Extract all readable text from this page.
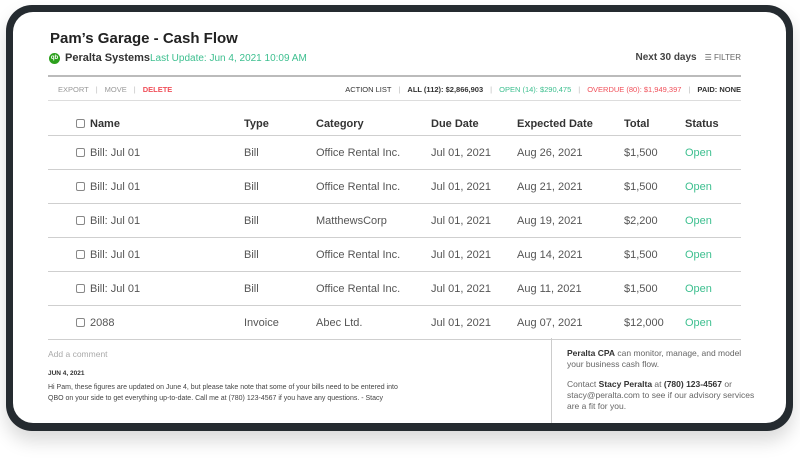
Pam’s Garage - Cash Flow
qb Peralta Systems Last Update: Jun 4, 2021 10:09 AM	Next 30 days ☰ FILTER
EXPORT | MOVE | DELETE	ACTION LIST | ALL (112): $2,866,903 | OPEN (14): $290,475 | OVERDUE (80): $1,949,397 | PAID: NONE
Name	Type	Category	Due Date	Expected Date	Total	Status
Bill: Jul 01	Bill	Office Rental Inc.	Jul 01, 2021 Aug 26, 2021	$1,500 Open
Bill: Jul 01	Bill	Office Rental Inc.	Jul 01, 2021 Aug 21, 2021	$1,500 Open
Bill: Jul 01	Bill	MatthewsCorp	Jul 01, 2021 Aug 19, 2021	$2,200 Open
Bill: Jul 01	Bill	Office Rental Inc.	Jul 01, 2021 Aug 14, 2021	$1,500 Open
Bill: Jul 01	Bill	Office Rental Inc.	Jul 01, 2021 Aug 11, 2021	$1,500 Open
2088	Invoice	Abec Ltd.	Jul 01, 2021 Aug 07, 2021	$12,000 Open
Add a comment
JUN 4, 2021
Hi Pam, these figures are updated on June 4, but please take note that some of your bills need to be entered into QBO on your side to get everything up-to-date. Call me at (780) 123-4567 if you have any questions. - Stacy

Peralta CPA can monitor, manage, and model your business cash flow.

Contact Stacy Peralta at (780) 123-4567 or stacy@peralta.com to see if our advisory services are a fit for you.
